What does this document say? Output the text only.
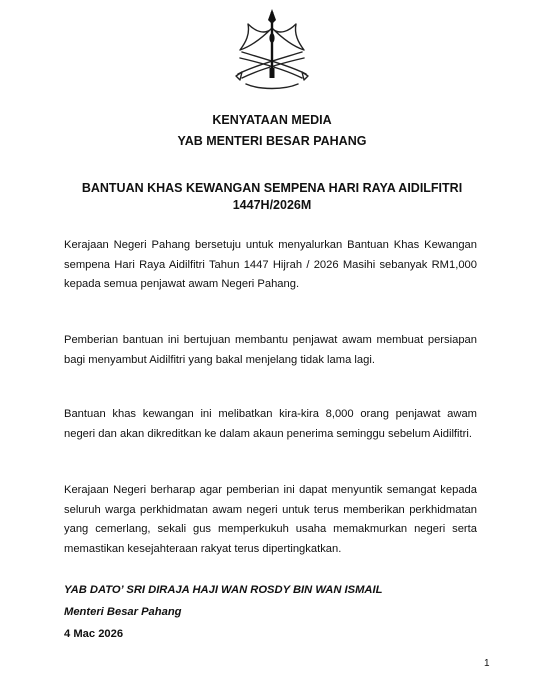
KENYATAAN MEDIA

YAB MENTERI BESAR PAHANG

BANTUAN KHAS KEWANGAN SEMPENA HARI RAYA AIDILFITRI
1447H/2026M

Kerajaan Negeri Pahang bersetuju untuk menyalurkan Bantuan Khas Kewangan sempena Hari Raya Aidilfitri Tahun 1447 Hijrah / 2026 Masihi sebanyak RM1,000 kepada semua penjawat awam Negeri Pahang.

Pemberian bantuan ini bertujuan membantu penjawat awam membuat persiapan bagi menyambut Aidilfitri yang bakal menjelang tidak lama lagi.

Bantuan khas kewangan ini melibatkan kira-kira 8,000 orang penjawat awam negeri dan akan dikreditkan ke dalam akaun penerima seminggu sebelum Aidilfitri.

Kerajaan Negeri berharap agar pemberian ini dapat menyuntik semangat kepada seluruh warga perkhidmatan awam negeri untuk terus memberikan perkhidmatan yang cemerlang, sekali gus memperkukuh usaha memakmurkan negeri serta memastikan kesejahteraan rakyat terus dipertingkatkan.

YAB DATO’ SRI DIRAJA HAJI WAN ROSDY BIN WAN ISMAIL

Menteri Besar Pahang

4 Mac 2026

1
